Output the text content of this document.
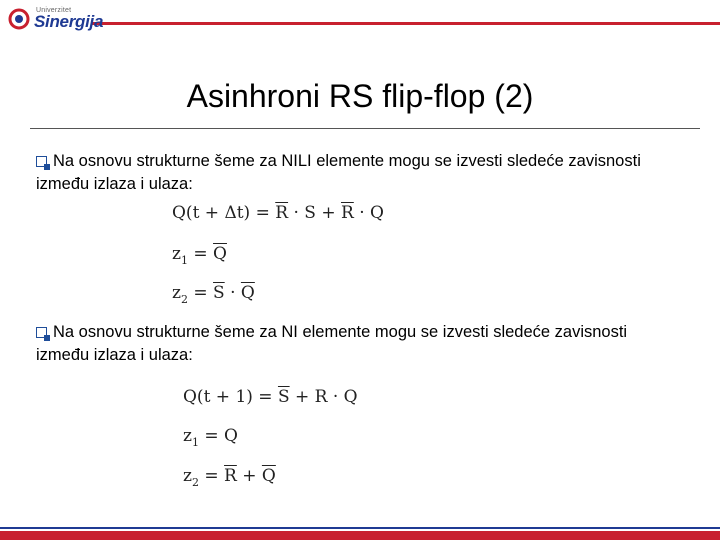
Univerzitet
Sinergija
Asinhroni RS flip-flop (2)
Na osnovu strukturne šeme za NILI elemente mogu se izvesti sledeće zavisnosti
između izlaza i ulaza:
$Q(t + \Delta t) = \overline{R} \cdot S + \overline{R} \cdot Q$
$z_1 = \overline{Q}$
$z_2 = \overline{S} \cdot \overline{Q}$
Na osnovu strukturne šeme za NI elemente mogu se izvesti sledeće zavisnosti
između izlaza i ulaza:
$Q(t + 1) = \overline{S} + R \cdot Q$
$z_1 = Q$
$z_2 = \overline{R} + \overline{Q}$
